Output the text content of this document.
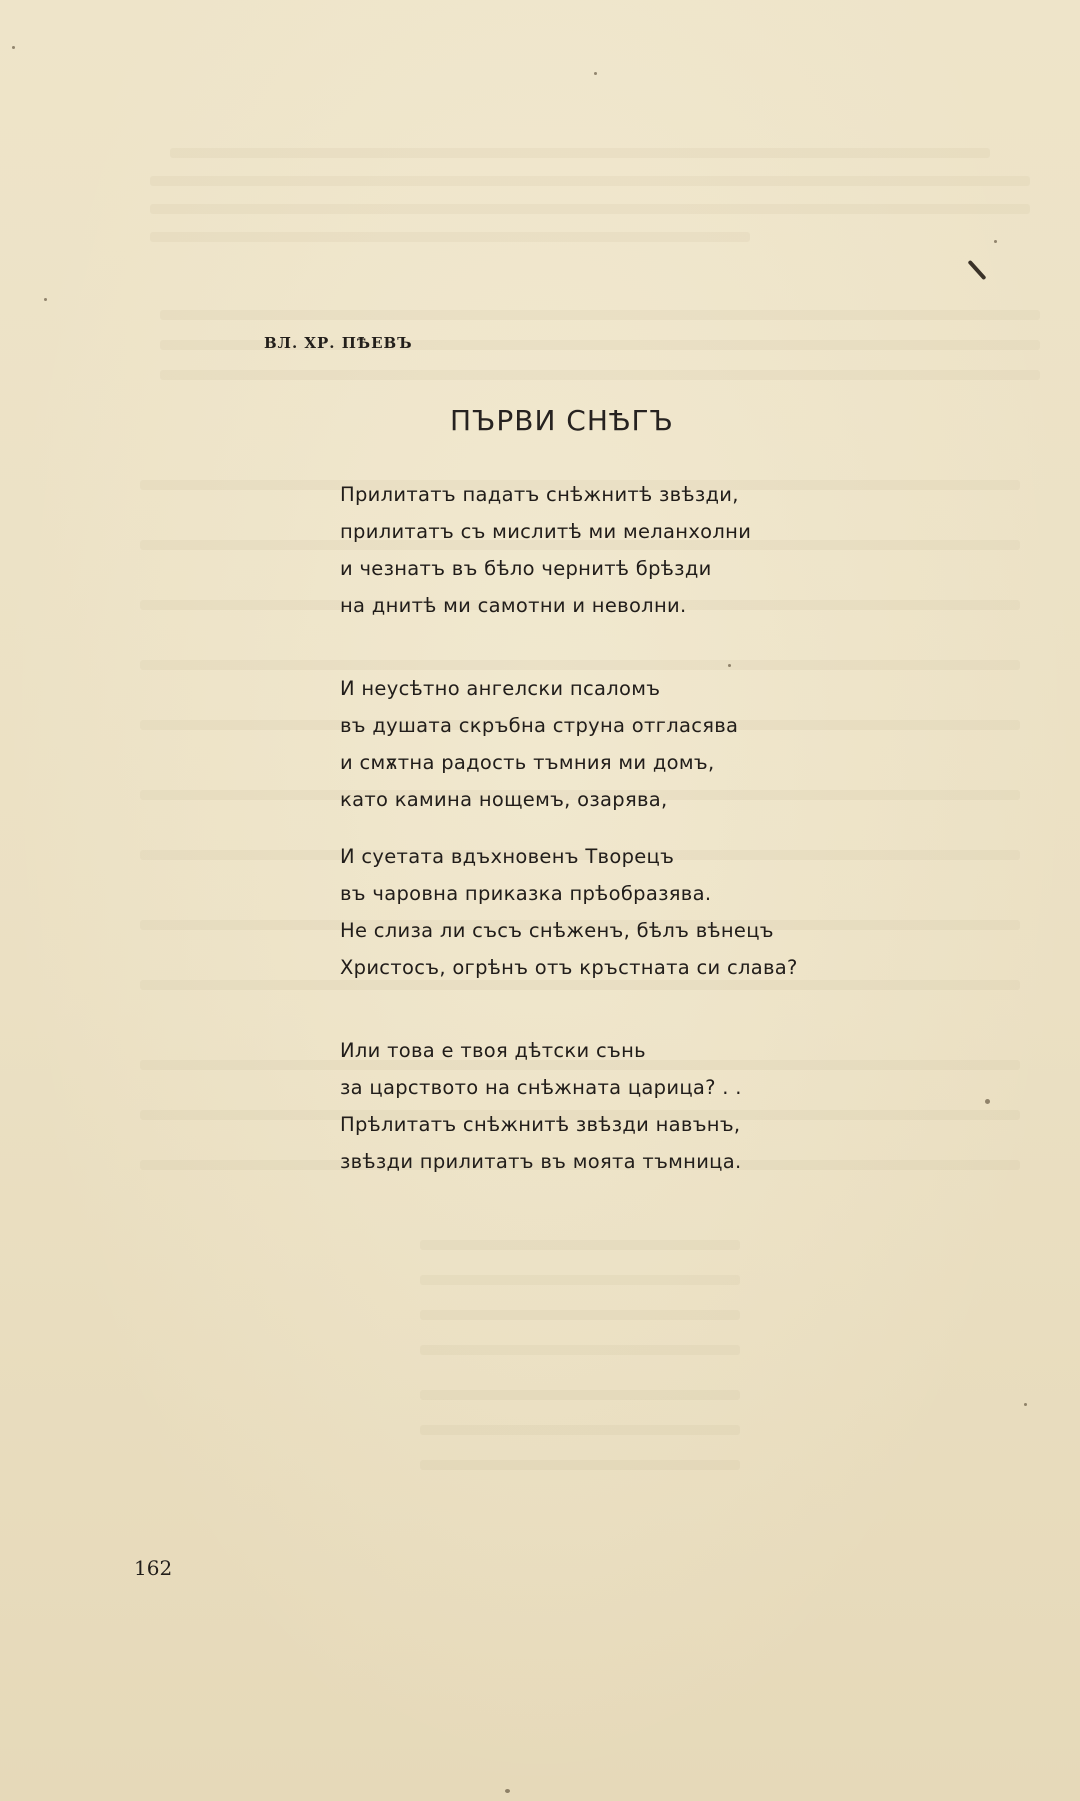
ВЛ. ХР. ПѢЕВЪ
ПЪРВИ СНѢГЪ
Прилитатъ падатъ снѣжнитѣ звѣзди,
прилитатъ съ мислитѣ ми меланхолни
и чезнатъ въ бѣло чернитѣ брѣзди
на днитѣ ми самотни и неволни.
И неусѣтно ангелски псаломъ
въ душата скръбна струна отгласява
и смѫтна радость тъмния ми домъ,
като камина нощемъ, озарява,
И суетата вдъхновенъ Творецъ
въ чаровна приказка прѣобразява.
Не слиза ли съсъ снѣженъ, бѣлъ вѣнецъ
Христосъ, огрѣнъ отъ кръстната си слава?
Или това е твоя дѣтски сънь
за царството на снѣжната царица? . .
Прѣлитатъ снѣжнитѣ звѣзди навънъ,
звѣзди прилитатъ въ моята тъмница.
162
